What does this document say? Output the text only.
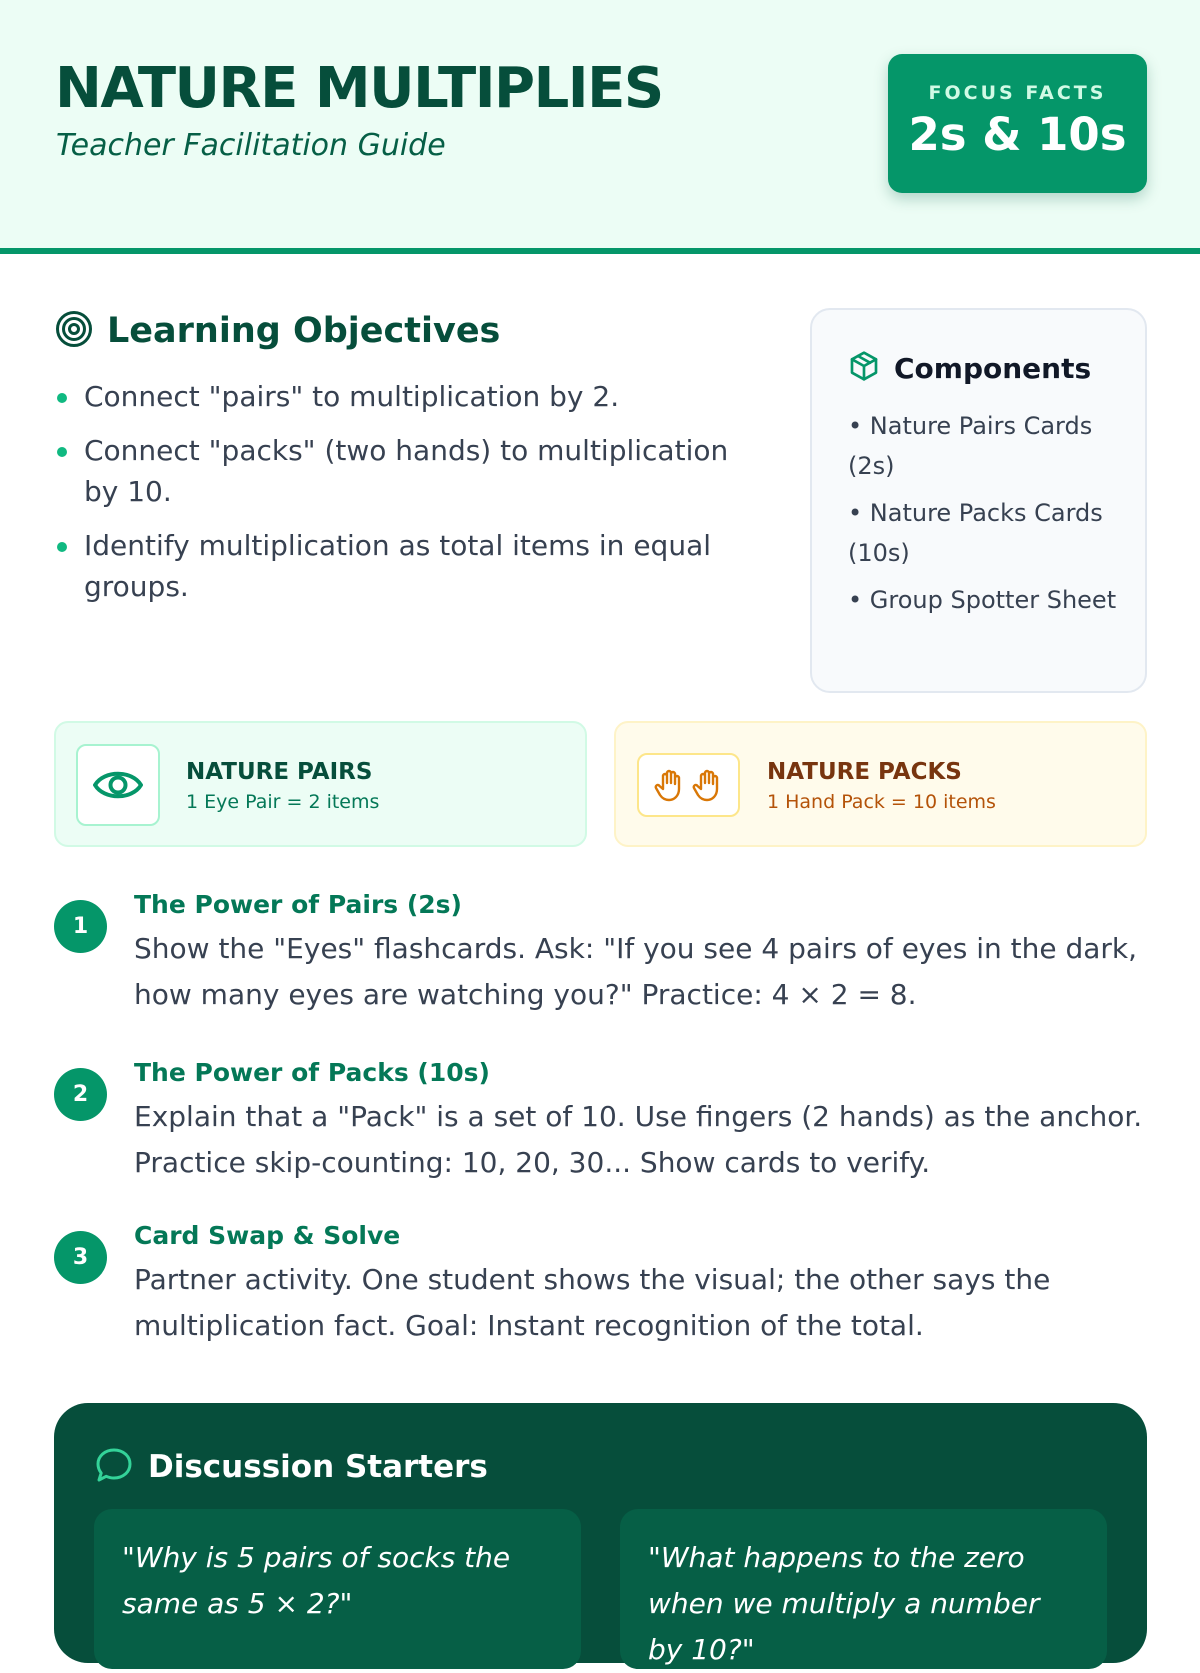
NATURE MULTIPLIES
Teacher Facilitation Guide
FOCUS FACTS
2s & 10s
Learning Objectives
Connect "pairs" to multiplication by 2.
Connect "packs" (two hands) to multiplication by 10.
Identify multiplication as total items in equal groups.
Components
• Nature Pairs Cards (2s)
• Nature Packs Cards (10s)
• Group Spotter Sheet
NATURE PAIRS
1 Eye Pair = 2 items
NATURE PACKS
1 Hand Pack = 10 items
1
The Power of Pairs (2s)
Show the "Eyes" flashcards. Ask: "If you see 4 pairs of eyes in the dark, how many eyes are watching you?" Practice: 4 × 2 = 8.
2
The Power of Packs (10s)
Explain that a "Pack" is a set of 10. Use fingers (2 hands) as the anchor. Practice skip-counting: 10, 20, 30... Show cards to verify.
3
Card Swap & Solve
Partner activity. One student shows the visual; the other says the multiplication fact. Goal: Instant recognition of the total.
Discussion Starters
"Why is 5 pairs of socks the same as 5 × 2?"
"What happens to the zero when we multiply a number by 10?"
